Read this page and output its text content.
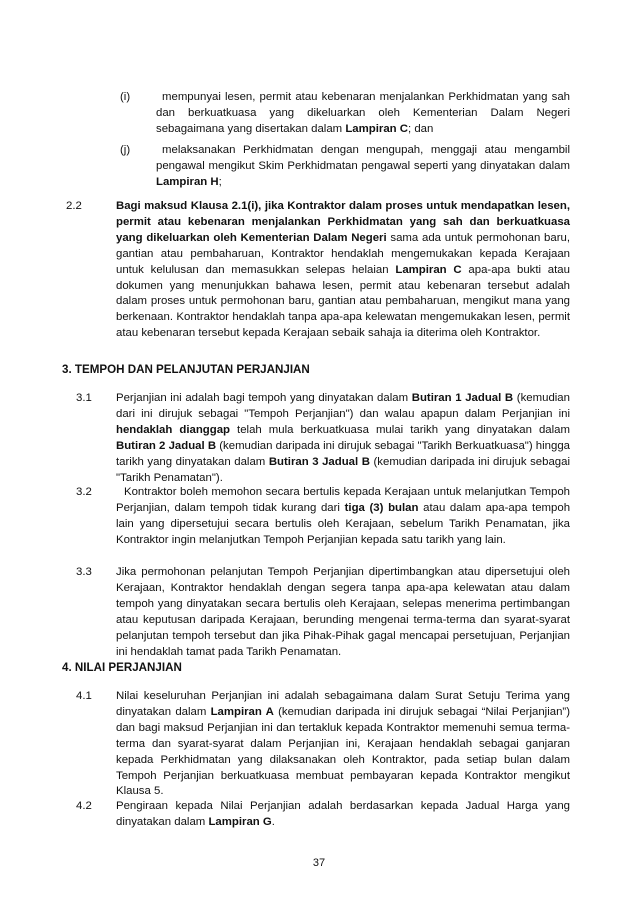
(i)	mempunyai lesen, permit atau kebenaran menjalankan Perkhidmatan yang sah dan berkuatkuasa yang dikeluarkan oleh Kementerian Dalam Negeri sebagaimana yang disertakan dalam Lampiran C; dan

(j)	melaksanakan Perkhidmatan dengan mengupah, menggaji atau mengambil pengawal mengikut Skim Perkhidmatan pengawal seperti yang dinyatakan dalam Lampiran H;

2.2	Bagi maksud Klausa 2.1(i), jika Kontraktor dalam proses untuk mendapatkan lesen, permit atau kebenaran menjalankan Perkhidmatan yang sah dan berkuatkuasa yang dikeluarkan oleh Kementerian Dalam Negeri sama ada untuk permohonan baru, gantian atau pembaharuan, Kontraktor hendaklah mengemukakan kepada Kerajaan untuk kelulusan dan memasukkan selepas helaian Lampiran C apa-apa bukti atau dokumen yang menunjukkan bahawa lesen, permit atau kebenaran tersebut adalah dalam proses untuk permohonan baru, gantian atau pembaharuan, mengikut mana yang berkenaan. Kontraktor hendaklah tanpa apa-apa kelewatan mengemukakan lesen, permit atau kebenaran tersebut kepada Kerajaan sebaik sahaja ia diterima oleh Kontraktor.

3. TEMPOH DAN PELANJUTAN PERJANJIAN

3.1 Perjanjian ini adalah bagi tempoh yang dinyatakan dalam Butiran 1 Jadual B (kemudian dari ini dirujuk sebagai "Tempoh Perjanjian") dan walau apapun dalam Perjanjian ini hendaklah dianggap telah mula berkuatkuasa mulai tarikh yang dinyatakan dalam Butiran 2 Jadual B (kemudian daripada ini dirujuk sebagai "Tarikh Berkuatkuasa") hingga tarikh yang dinyatakan dalam Butiran 3 Jadual B (kemudian daripada ini dirujuk sebagai "Tarikh Penamatan").

3.2	Kontraktor boleh memohon secara bertulis kepada Kerajaan untuk melanjutkan Tempoh Perjanjian, dalam tempoh tidak kurang dari tiga (3) bulan atau dalam apa-apa tempoh lain yang dipersetujui secara bertulis oleh Kerajaan, sebelum Tarikh Penamatan, jika Kontraktor ingin melanjutkan Tempoh Perjanjian kepada satu tarikh yang lain.

3.3 Jika permohonan pelanjutan Tempoh Perjanjian dipertimbangkan atau dipersetujui oleh Kerajaan, Kontraktor hendaklah dengan segera tanpa apa-apa kelewatan atau dalam tempoh yang dinyatakan secara bertulis oleh Kerajaan, selepas menerima pertimbangan atau keputusan daripada Kerajaan, berunding mengenai terma-terma dan syarat-syarat pelanjutan tempoh tersebut dan jika Pihak-Pihak gagal mencapai persetujuan, Perjanjian ini hendaklah tamat pada Tarikh Penamatan.

4. NILAI PERJANJIAN

4.1 Nilai keseluruhan Perjanjian ini adalah sebagaimana dalam Surat Setuju Terima yang dinyatakan dalam Lampiran A (kemudian daripada ini dirujuk sebagai “Nilai Perjanjian”) dan bagi maksud Perjanjian ini dan tertakluk kepada Kontraktor memenuhi semua terma-terma dan syarat-syarat dalam Perjanjian ini, Kerajaan hendaklah sebagai ganjaran kepada Perkhidmatan yang dilaksanakan oleh Kontraktor, pada setiap bulan dalam Tempoh Perjanjian berkuatkuasa membuat pembayaran kepada Kontraktor mengikut Klausa 5.

4.2 Pengiraan kepada Nilai Perjanjian adalah berdasarkan kepada Jadual Harga yang dinyatakan dalam Lampiran G.

37
